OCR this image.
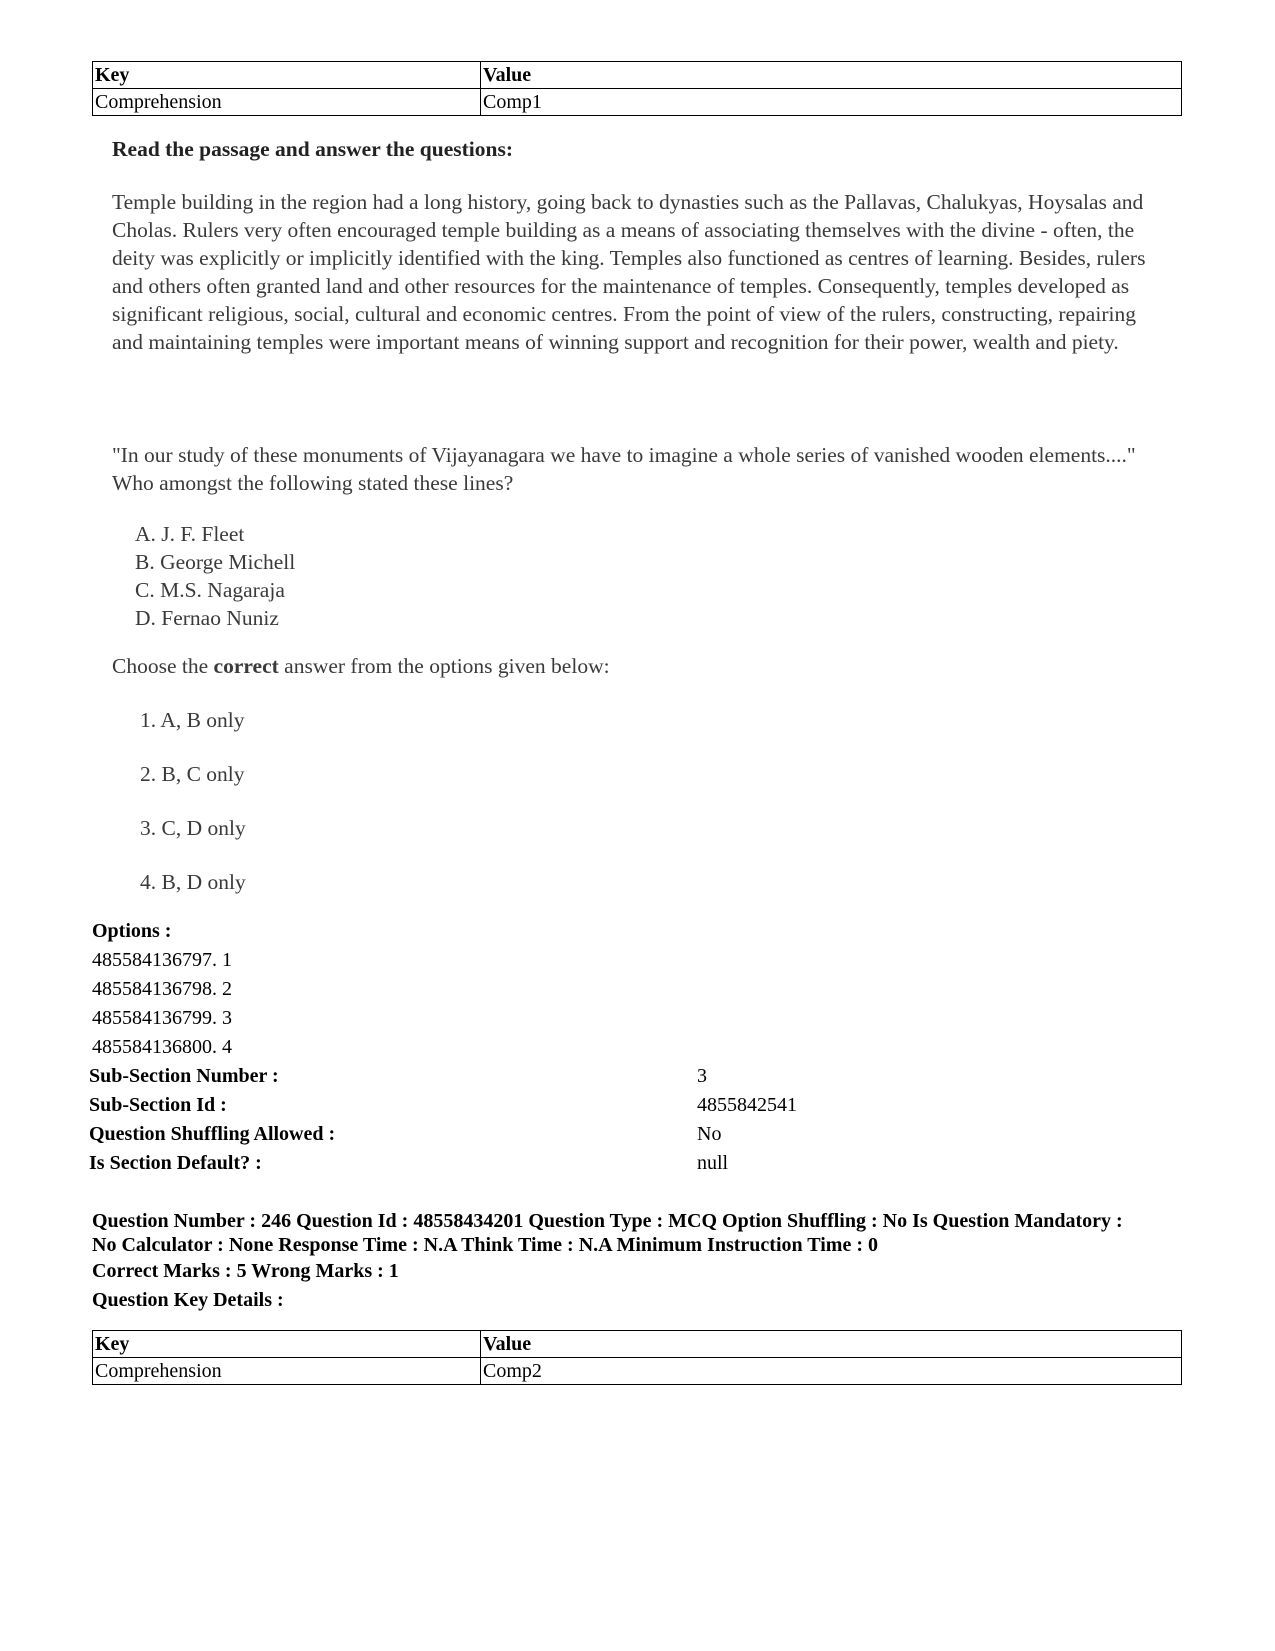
Key	Value
Comprehension	Comp1
Read the passage and answer the questions:

Temple building in the region had a long history, going back to dynasties such as the Pallavas, Chalukyas, Hoysalas and Cholas. Rulers very often encouraged temple building as a means of associating themselves with the divine - often, the deity was explicitly or implicitly identified with the king. Temples also functioned as centres of learning. Besides, rulers and others often granted land and other resources for the maintenance of temples. Consequently, temples developed as significant religious, social, cultural and economic centres. From the point of view of the rulers, constructing, repairing and maintaining temples were important means of winning support and recognition for their power, wealth and piety.

"In our study of these monuments of Vijayanagara we have to imagine a whole series of vanished wooden elements...." Who amongst the following stated these lines?

A. J. F. Fleet
B. George Michell
C. M.S. Nagaraja
D. Fernao Nuniz
Choose the correct answer from the options given below:
1. A, B only
2. B, C only
3. C, D only
4. B, D only
Options :
485584136797. 1
485584136798. 2
485584136799. 3
485584136800. 4
Sub-Section Number :	3
Sub-Section Id :	4855842541
Question Shuffling Allowed :	No
Is Section Default? :	null
Question Number : 246 Question Id : 48558434201 Question Type : MCQ Option Shuffling : No Is Question Mandatory :
No Calculator : None Response Time : N.A Think Time : N.A Minimum Instruction Time : 0
Correct Marks : 5 Wrong Marks : 1
Question Key Details :
Key	Value
Comprehension	Comp2
